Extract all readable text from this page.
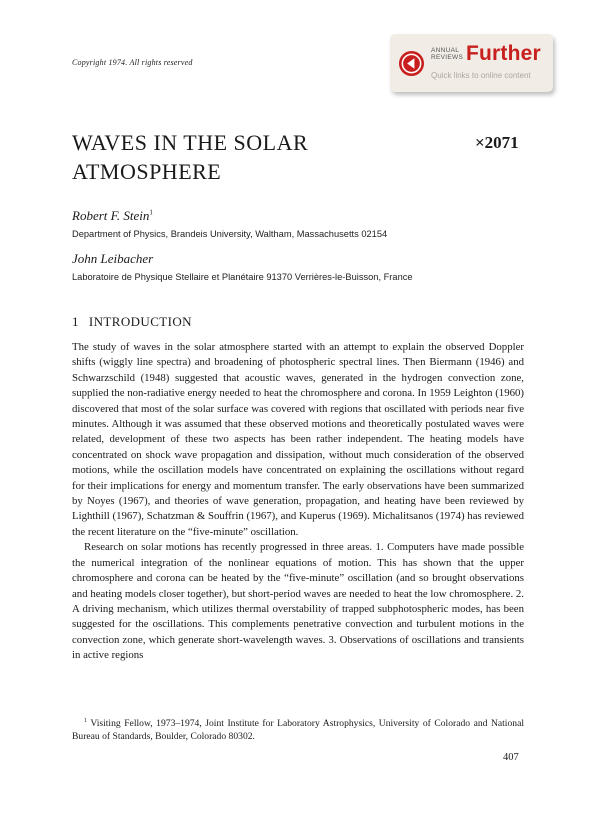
Copyright 1974. All rights reserved
ANNUAL
REVIEWS Further
Quick links to online content
WAVES IN THE SOLAR
ATMOSPHERE
×2071
Robert F. Stein$^1$
Department of Physics, Brandeis University, Waltham, Massachusetts 02154
John Leibacher
Laboratoire de Physique Stellaire et Planétaire 91370 Verrières-le-Buisson, France
1 INTRODUCTION

The study of waves in the solar atmosphere started with an attempt to explain the observed Doppler shifts (wiggly line spectra) and broadening of photospheric spectral lines. Then Biermann (1946) and Schwarzschild (1948) suggested that acoustic waves, generated in the hydrogen convection zone, supplied the non-radiative energy needed to heat the chromosphere and corona. In 1959 Leighton (1960) discovered that most of the solar surface was covered with regions that oscillated with periods near five minutes. Although it was assumed that these observed motions and theoretically postulated waves were related, development of these two aspects has been rather independent. The heating models have concentrated on shock wave propagation and dissipation, without much consideration of the observed motions, while the oscillation models have concentrated on explaining the oscillations without regard for their implications for energy and momentum transfer. The early observations have been summarized by Noyes (1967), and theories of wave generation, propagation, and heating have been reviewed by Lighthill (1967), Schatzman & Souffrin (1967), and Kuperus (1969). Michalitsanos (1974) has reviewed the recent literature on the “five-minute” oscillation.

Research on solar motions has recently progressed in three areas. 1. Computers have made possible the numerical integration of the nonlinear equations of motion. This has shown that the upper chromosphere and corona can be heated by the “five-minute” oscillation (and so brought observations and heating models closer together), but short-period waves are needed to heat the low chromosphere. 2. A driving mechanism, which utilizes thermal overstability of trapped subphotospheric modes, has been suggested for the oscillations. This complements penetrative convection and turbulent motions in the convection zone, which generate short-wavelength waves. 3. Observations of oscillations and transients in active regions

$^1$ Visiting Fellow, 1973–1974, Joint Institute for Laboratory Astrophysics, University of Colorado and National Bureau of Standards, Boulder, Colorado 80302.
407
